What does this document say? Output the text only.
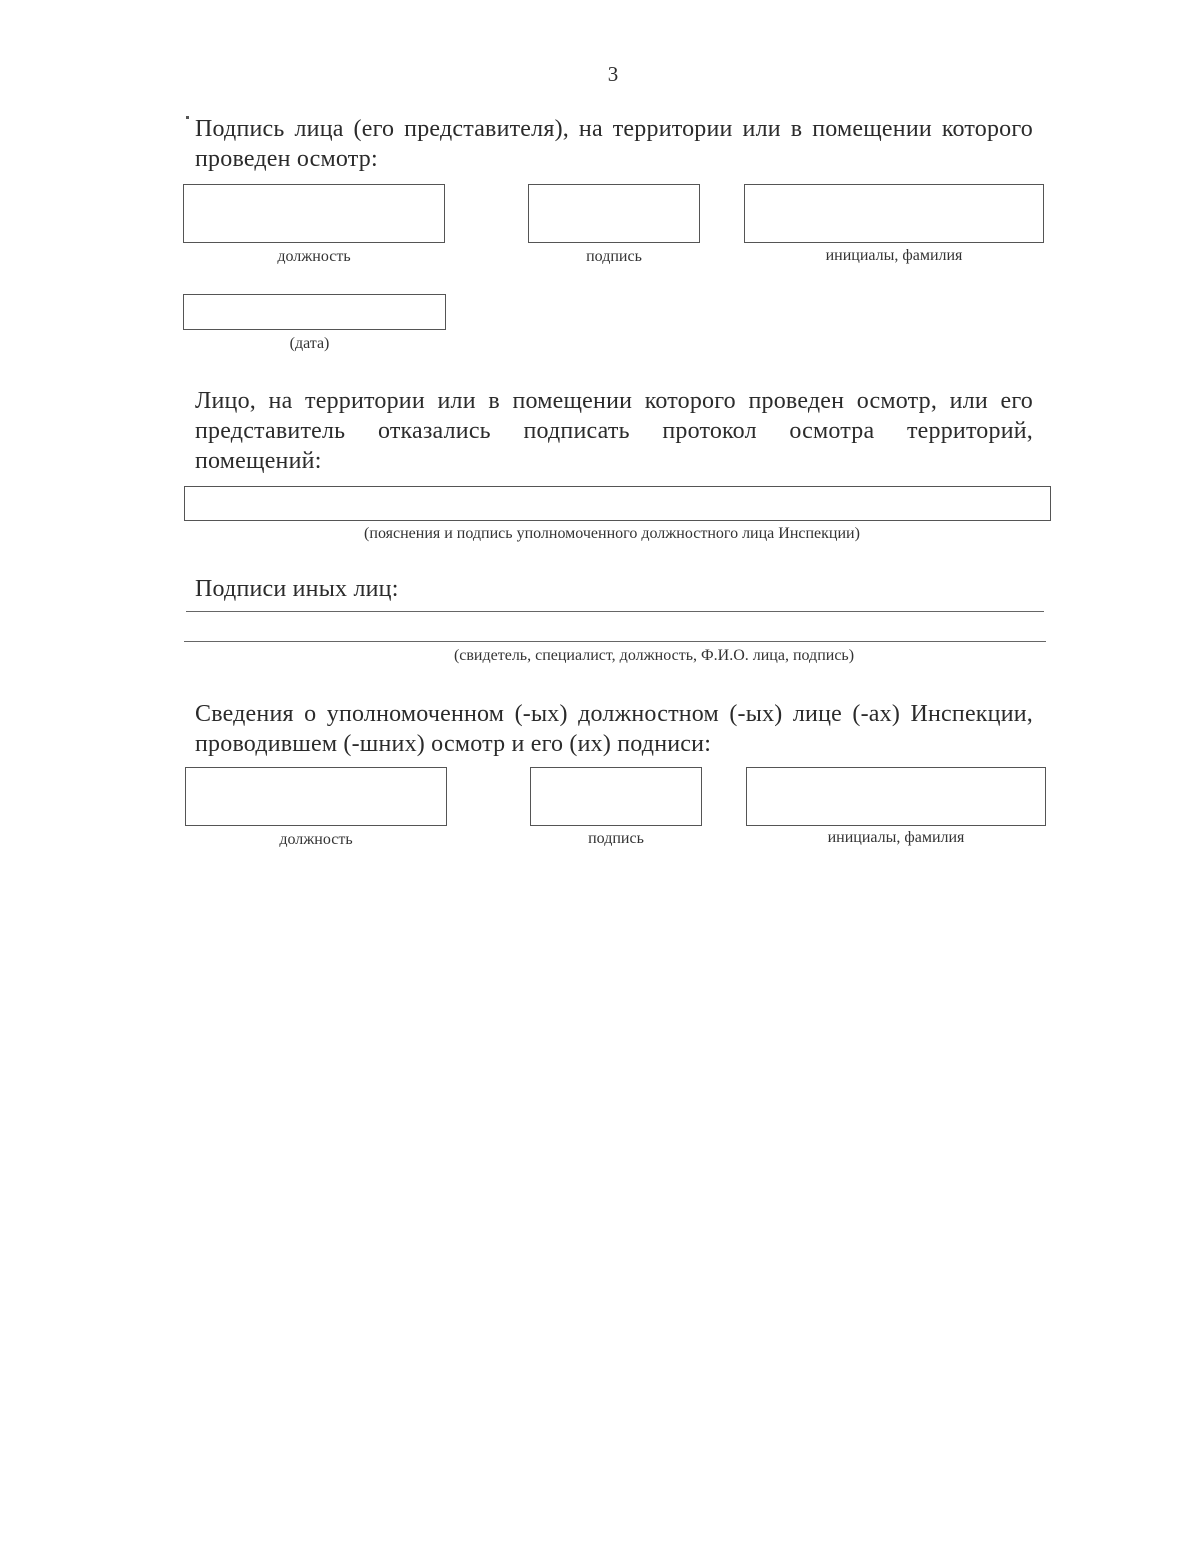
3
Подпись лица (его представителя), на территории или в помещении которого проведен осмотр:
должность	подпись	инициалы, фамилия
(дата)
Лицо, на территории или в помещении которого проведен осмотр, или его представитель отказались подписать протокол осмотра территорий, помещений:
(пояснения и подпись уполномоченного должностного лица Инспекции)
Подписи иных лиц:
(свидетель, специалист, должность, Ф.И.О. лица, подпись)
Сведения о уполномоченном (-ых) должностном (-ых) лице (-ах) Инспекции, проводившем (-шних) осмотр и его (их) подниси:
должность	подпись	инициалы, фамилия
